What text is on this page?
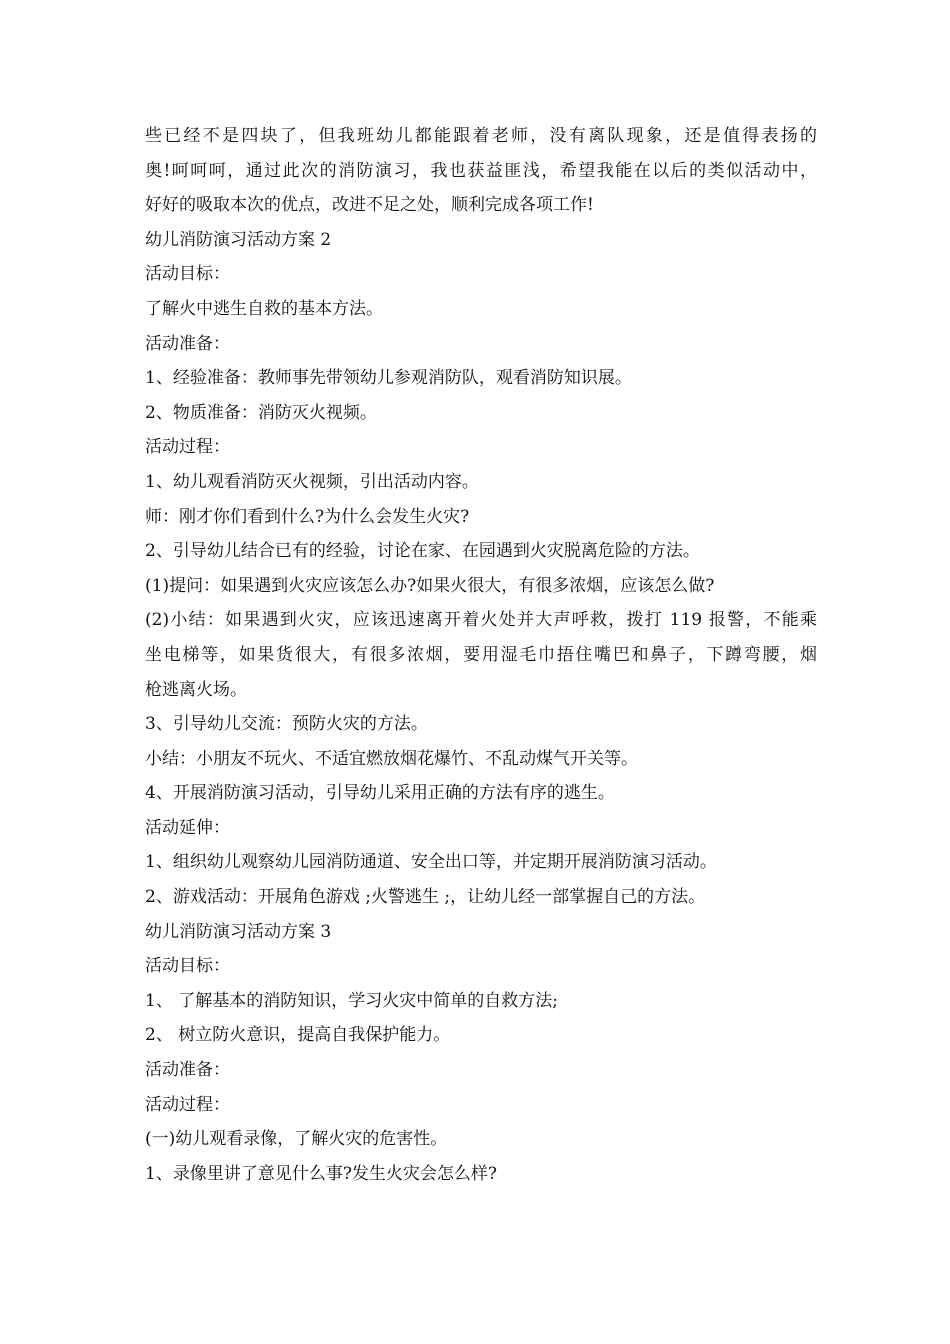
些已经不是四块了，但我班幼儿都能跟着老师，没有离队现象，还是值得表扬的
奥!呵呵呵，通过此次的消防演习，我也获益匪浅，希望我能在以后的类似活动中，
好好的吸取本次的优点，改进不足之处，顺利完成各项工作!
幼儿消防演习活动方案 2
活动目标：
了解火中逃生自救的基本方法。
活动准备：
1、经验准备：教师事先带领幼儿参观消防队，观看消防知识展。
2、物质准备：消防灭火视频。
活动过程：
1、幼儿观看消防灭火视频，引出活动内容。
师：刚才你们看到什么?为什么会发生火灾?
2、引导幼儿结合已有的经验，讨论在家、在园遇到火灾脱离危险的方法。
(1)提问：如果遇到火灾应该怎么办?如果火很大，有很多浓烟，应该怎么做?
(2)小结：如果遇到火灾，应该迅速离开着火处并大声呼救，拨打 119 报警，不能乘
坐电梯等，如果货很大，有很多浓烟，要用湿毛巾捂住嘴巴和鼻子，下蹲弯腰，烟
枪逃离火场。
3、引导幼儿交流：预防火灾的方法。
小结：小朋友不玩火、不适宜燃放烟花爆竹、不乱动煤气开关等。
4、开展消防演习活动，引导幼儿采用正确的方法有序的逃生。
活动延伸：
1、组织幼儿观察幼儿园消防通道、安全出口等，并定期开展消防演习活动。
2、游戏活动：开展角色游戏 ;火警逃生 ;，让幼儿经一部掌握自己的方法。
幼儿消防演习活动方案 3
活动目标：
1、 了解基本的消防知识，学习火灾中简单的自救方法;
2、 树立防火意识，提高自我保护能力。
活动准备：
活动过程：
(一)幼儿观看录像，了解火灾的危害性。
1、录像里讲了意见什么事?发生火灾会怎么样?
